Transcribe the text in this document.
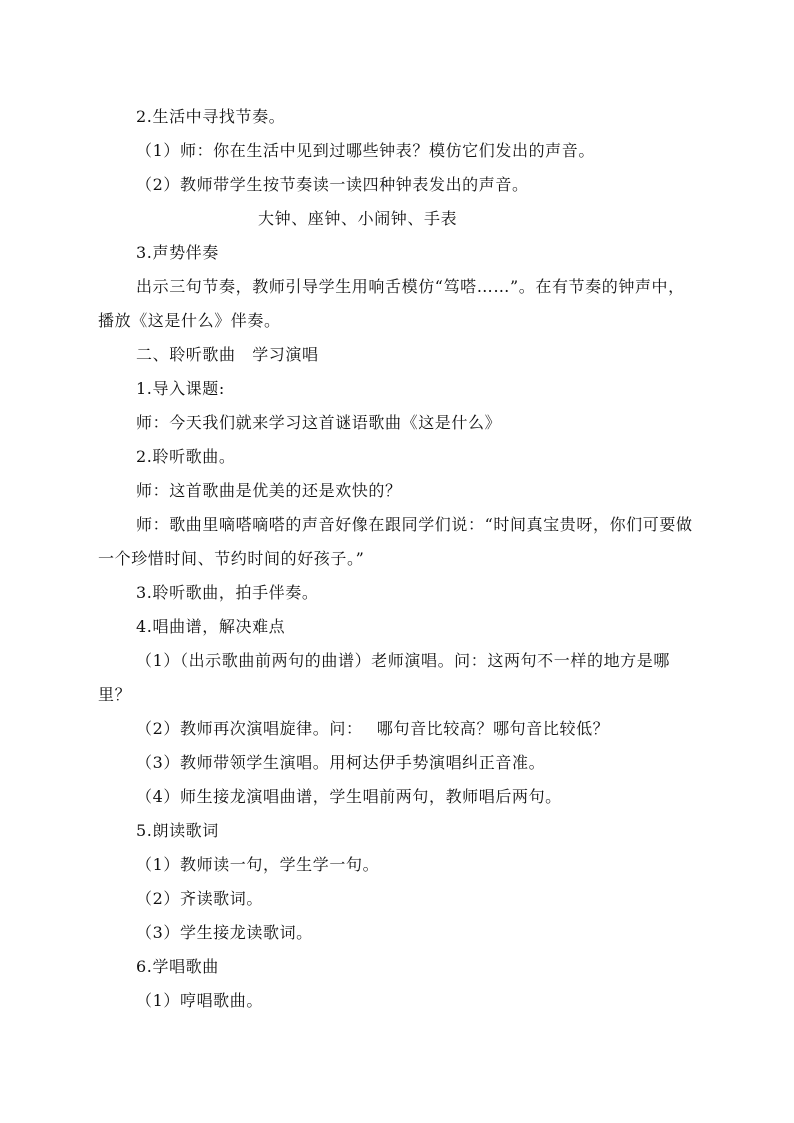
2.生活中寻找节奏。
（1）师：你在生活中见到过哪些钟表？模仿它们发出的声音。
（2）教师带学生按节奏读一读四种钟表发出的声音。
大钟、座钟、小闹钟、手表
3.声势伴奏
出示三句节奏，教师引导学生用响舌模仿“笃嗒……”。在有节奏的钟声中，播放《这是什么》伴奏。
二、聆听歌曲　学习演唱
1.导入课题:
师：今天我们就来学习这首谜语歌曲《这是什么》
2.聆听歌曲。
师：这首歌曲是优美的还是欢快的？
师：歌曲里嘀嗒嘀嗒的声音好像在跟同学们说：“时间真宝贵呀，你们可要做一个珍惜时间、节约时间的好孩子。”
3.聆听歌曲，拍手伴奏。
4.唱曲谱，解决难点
（1）（出示歌曲前两句的曲谱）老师演唱。问：这两句不一样的地方是哪里？
（2）教师再次演唱旋律。问：　 哪句音比较高？哪句音比较低？
（3）教师带领学生演唱。用柯达伊手势演唱纠正音准。
（4）师生接龙演唱曲谱，学生唱前两句，教师唱后两句。
5.朗读歌词
（1）教师读一句，学生学一句。
（2）齐读歌词。
（3）学生接龙读歌词。
6.学唱歌曲
（1）哼唱歌曲。
